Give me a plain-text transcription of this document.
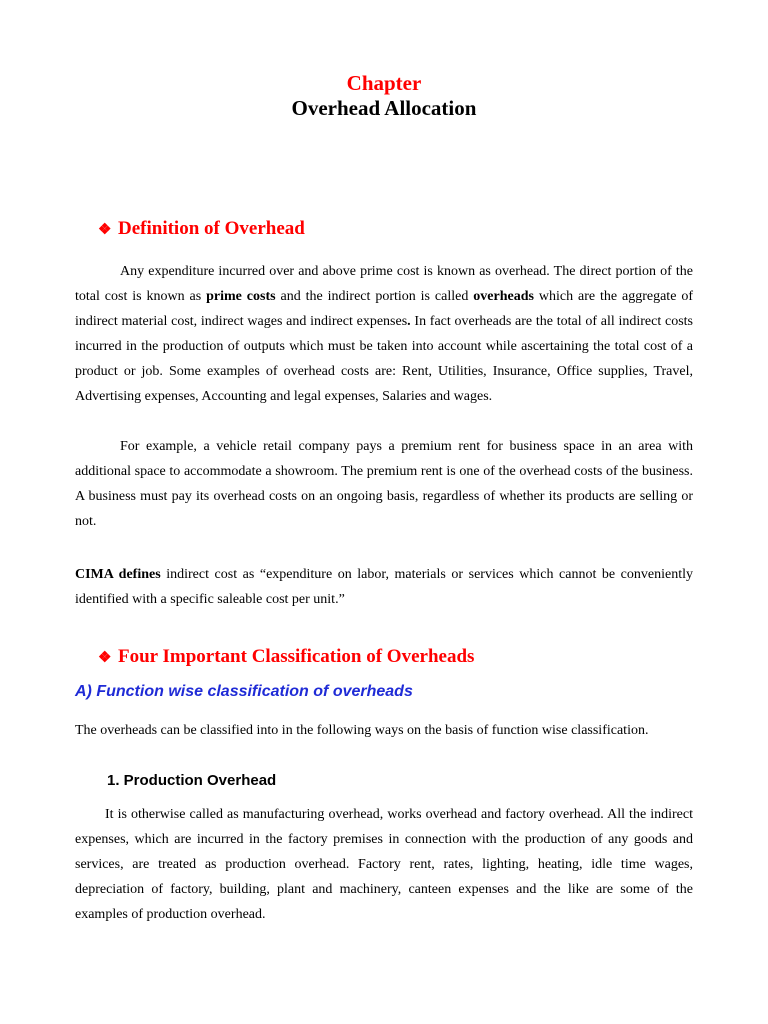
Chapter
Overhead Allocation
❖ Definition of Overhead

Any expenditure incurred over and above prime cost is known as overhead. The direct portion of the total cost is known as prime costs and the indirect portion is called overheads which are the aggregate of indirect material cost, indirect wages and indirect expenses. In fact overheads are the total of all indirect costs incurred in the production of outputs which must be taken into account while ascertaining the total cost of a product or job. Some examples of overhead costs are: Rent, Utilities, Insurance, Office supplies, Travel, Advertising expenses, Accounting and legal expenses, Salaries and wages.

For example, a vehicle retail company pays a premium rent for business space in an area with additional space to accommodate a showroom. The premium rent is one of the overhead costs of the business. A business must pay its overhead costs on an ongoing basis, regardless of whether its products are selling or not.

CIMA defines indirect cost as “expenditure on labor, materials or services which cannot be conveniently identified with a specific saleable cost per unit.”

❖ Four Important Classification of Overheads
A) Function wise classification of overheads

The overheads can be classified into in the following ways on the basis of function wise classification.

1. Production Overhead

It is otherwise called as manufacturing overhead, works overhead and factory overhead. All the indirect expenses, which are incurred in the factory premises in connection with the production of any goods and services, are treated as production overhead. Factory rent, rates, lighting, heating, idle time wages, depreciation of factory, building, plant and machinery, canteen expenses and the like are some of the examples of production overhead.
